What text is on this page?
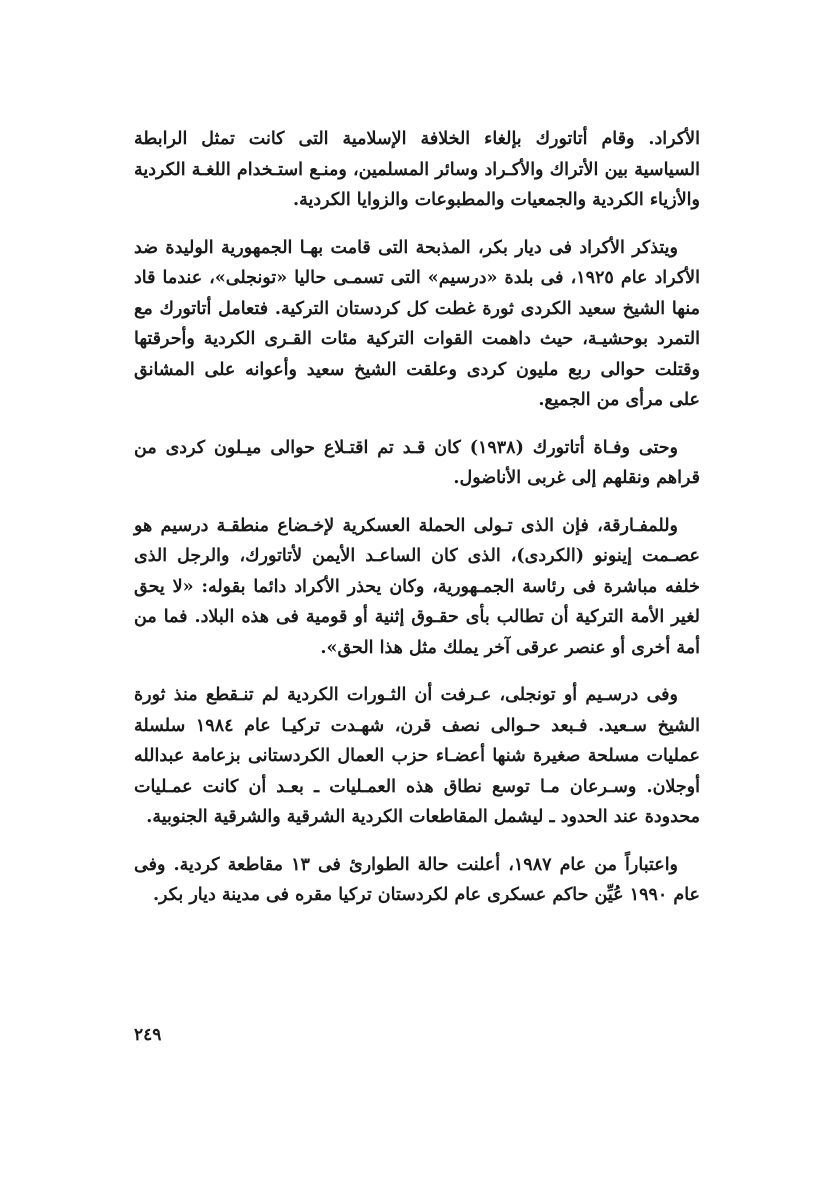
الأكراد. وقام أتاتورك بإلغاء الخلافة الإسلامية التى كانت تمثل الرابطة السياسية بين الأتراك والأكـراد وسائر المسلمين، ومنـع استـخدام اللغـة الكردية والأزياء الكردية والجمعيات والمطبوعات والزوايا الكردية.

ويتذكر الأكراد فى ديار بكر، المذبحة التى قامت بهـا الجمهورية الوليدة ضد الأكراد عام ١٩٢٥، فى بلدة «درسيم» التى تسمـى حاليا «تونجلى»، عندما قاد منها الشيخ سعيد الكردى ثورة غطت كل كردستان التركية. فتعامل أتاتورك مع التمرد بوحشيـة، حيث داهمت القوات التركية مئات القـرى الكردية وأحرقتها وقتلت حوالى ربع مليون كردى وعلقت الشيخ سعيد وأعوانه على المشانق على مرأى من الجميع.

وحتى وفـاة أتاتورك (١٩٣٨) كان قـد تم اقتـلاع حوالى ميـلون كردى من قراهم ونقلهم إلى غربى الأناضول.

وللمفـارقة، فإن الذى تـولى الحملة العسكرية لإخـضاع منطقـة درسيم هو عصـمت إينونو (الكردى)، الذى كان الساعـد الأيمن لأتاتورك، والرجل الذى خلفه مباشرة فى رئاسة الجمـهورية، وكان يحذر الأكراد دائما بقوله: «لا يحق لغير الأمة التركية أن تطالب بأى حقـوق إثنية أو قومية فى هذه البلاد. فما من أمة أخرى أو عنصر عرقى آخر يملك مثل هذا الحق».

وفى درسـيم أو تونجلى، عـرفت أن الثـورات الكردية لم تنـقطع منذ ثورة الشيخ سـعيد. فـبعد حـوالى نصف قرن، شهـدت تركيـا عام ١٩٨٤ سلسلة عمليات مسلحة صغيرة شنها أعضـاء حزب العمال الكردستانى بزعامة عبدالله أوجلان. وسـرعان مـا توسع نطاق هذه العمـليات ـ بعـد أن كانت عمـليات محدودة عند الحدود ـ ليشمل المقاطعات الكردية الشرقية والشرقية الجنوبية.

واعتباراً من عام ١٩٨٧، أعلنت حالة الطوارئ فى ١٣ مقاطعة كردية. وفى عام ١٩٩٠ عُيِّن حاكم عسكرى عام لكردستان تركيا مقره فى مدينة ديار بكر.

٢٤٩
